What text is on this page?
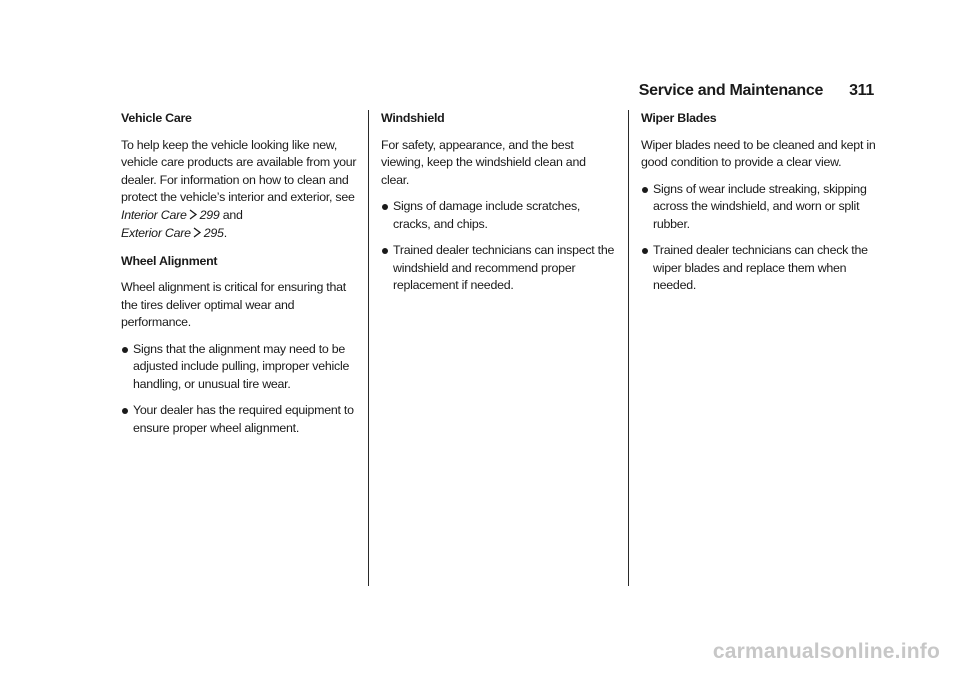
Service and Maintenance 311
Vehicle Care
To help keep the vehicle looking like new, vehicle care products are available from your dealer. For information on how to clean and protect the vehicle’s interior and exterior, see Interior Care 299 and
Exterior Care 295.
Wheel Alignment
Wheel alignment is critical for ensuring that the tires deliver optimal wear and performance.
Signs that the alignment may need to be adjusted include pulling, improper vehicle handling, or unusual tire wear.
Your dealer has the required equipment to ensure proper wheel alignment.
Windshield
For safety, appearance, and the best viewing, keep the windshield clean and clear.
Signs of damage include scratches, cracks, and chips.
Trained dealer technicians can inspect the windshield and recommend proper replacement if needed.
Wiper Blades
Wiper blades need to be cleaned and kept in good condition to provide a clear view.
Signs of wear include streaking, skipping across the windshield, and worn or split rubber.
Trained dealer technicians can check the wiper blades and replace them when needed.
carmanualsonline.info
